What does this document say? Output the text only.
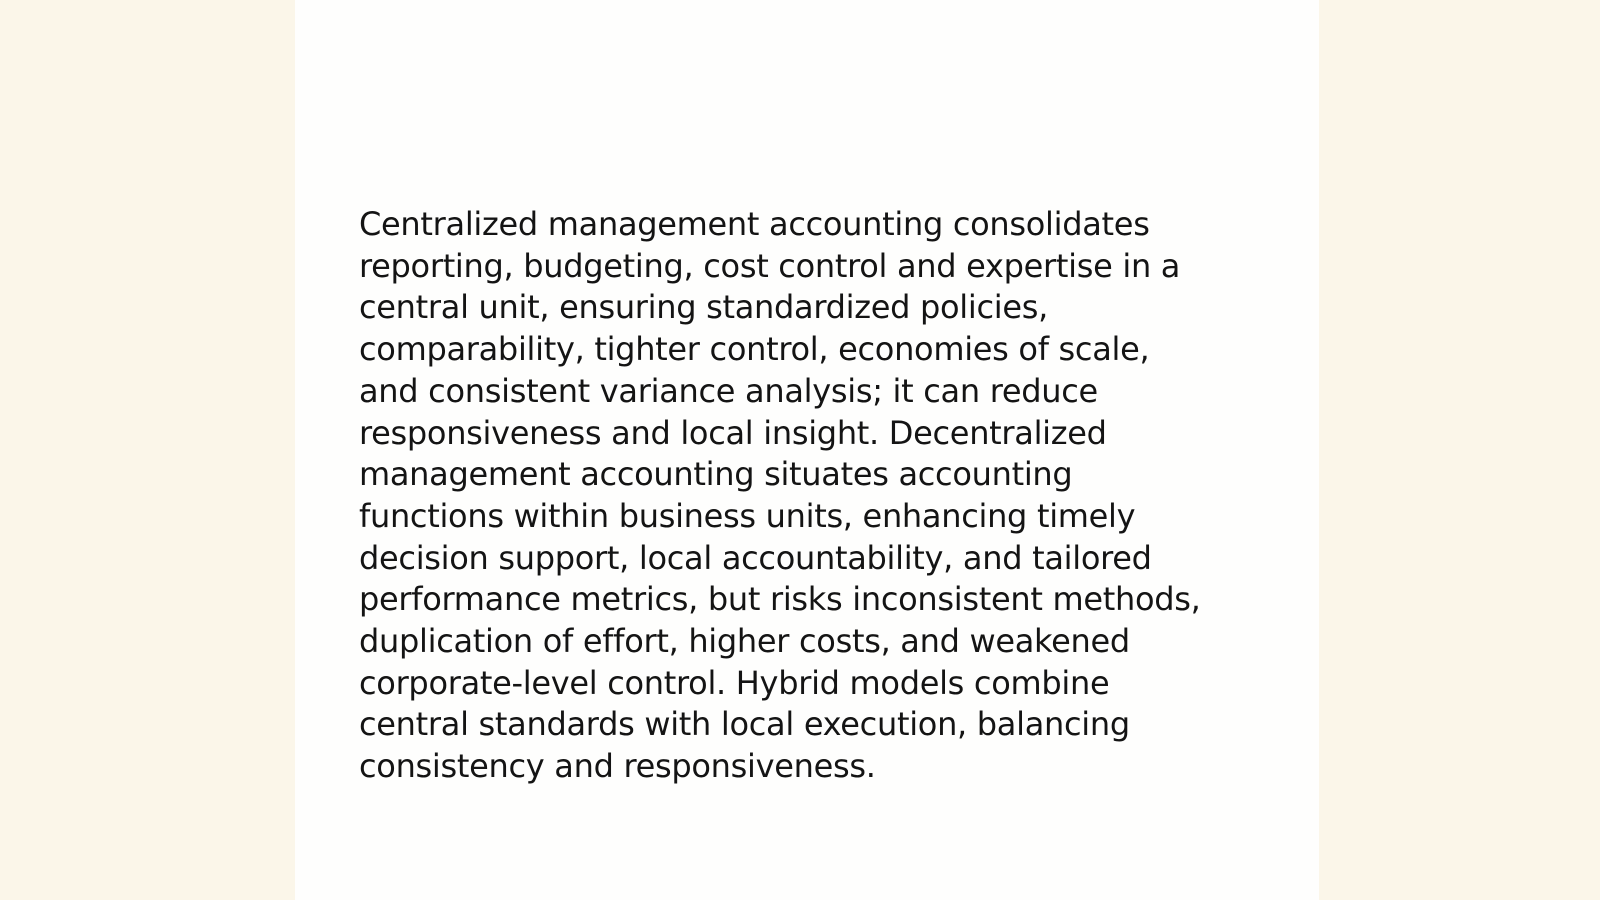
Centralized management accounting consolidates
reporting, budgeting, cost control and expertise in a
central unit, ensuring standardized policies,
comparability, tighter control, economies of scale,
and consistent variance analysis; it can reduce
responsiveness and local insight. Decentralized
management accounting situates accounting
functions within business units, enhancing timely
decision support, local accountability, and tailored
performance metrics, but risks inconsistent methods,
duplication of effort, higher costs, and weakened
corporate-level control. Hybrid models combine
central standards with local execution, balancing
consistency and responsiveness.
